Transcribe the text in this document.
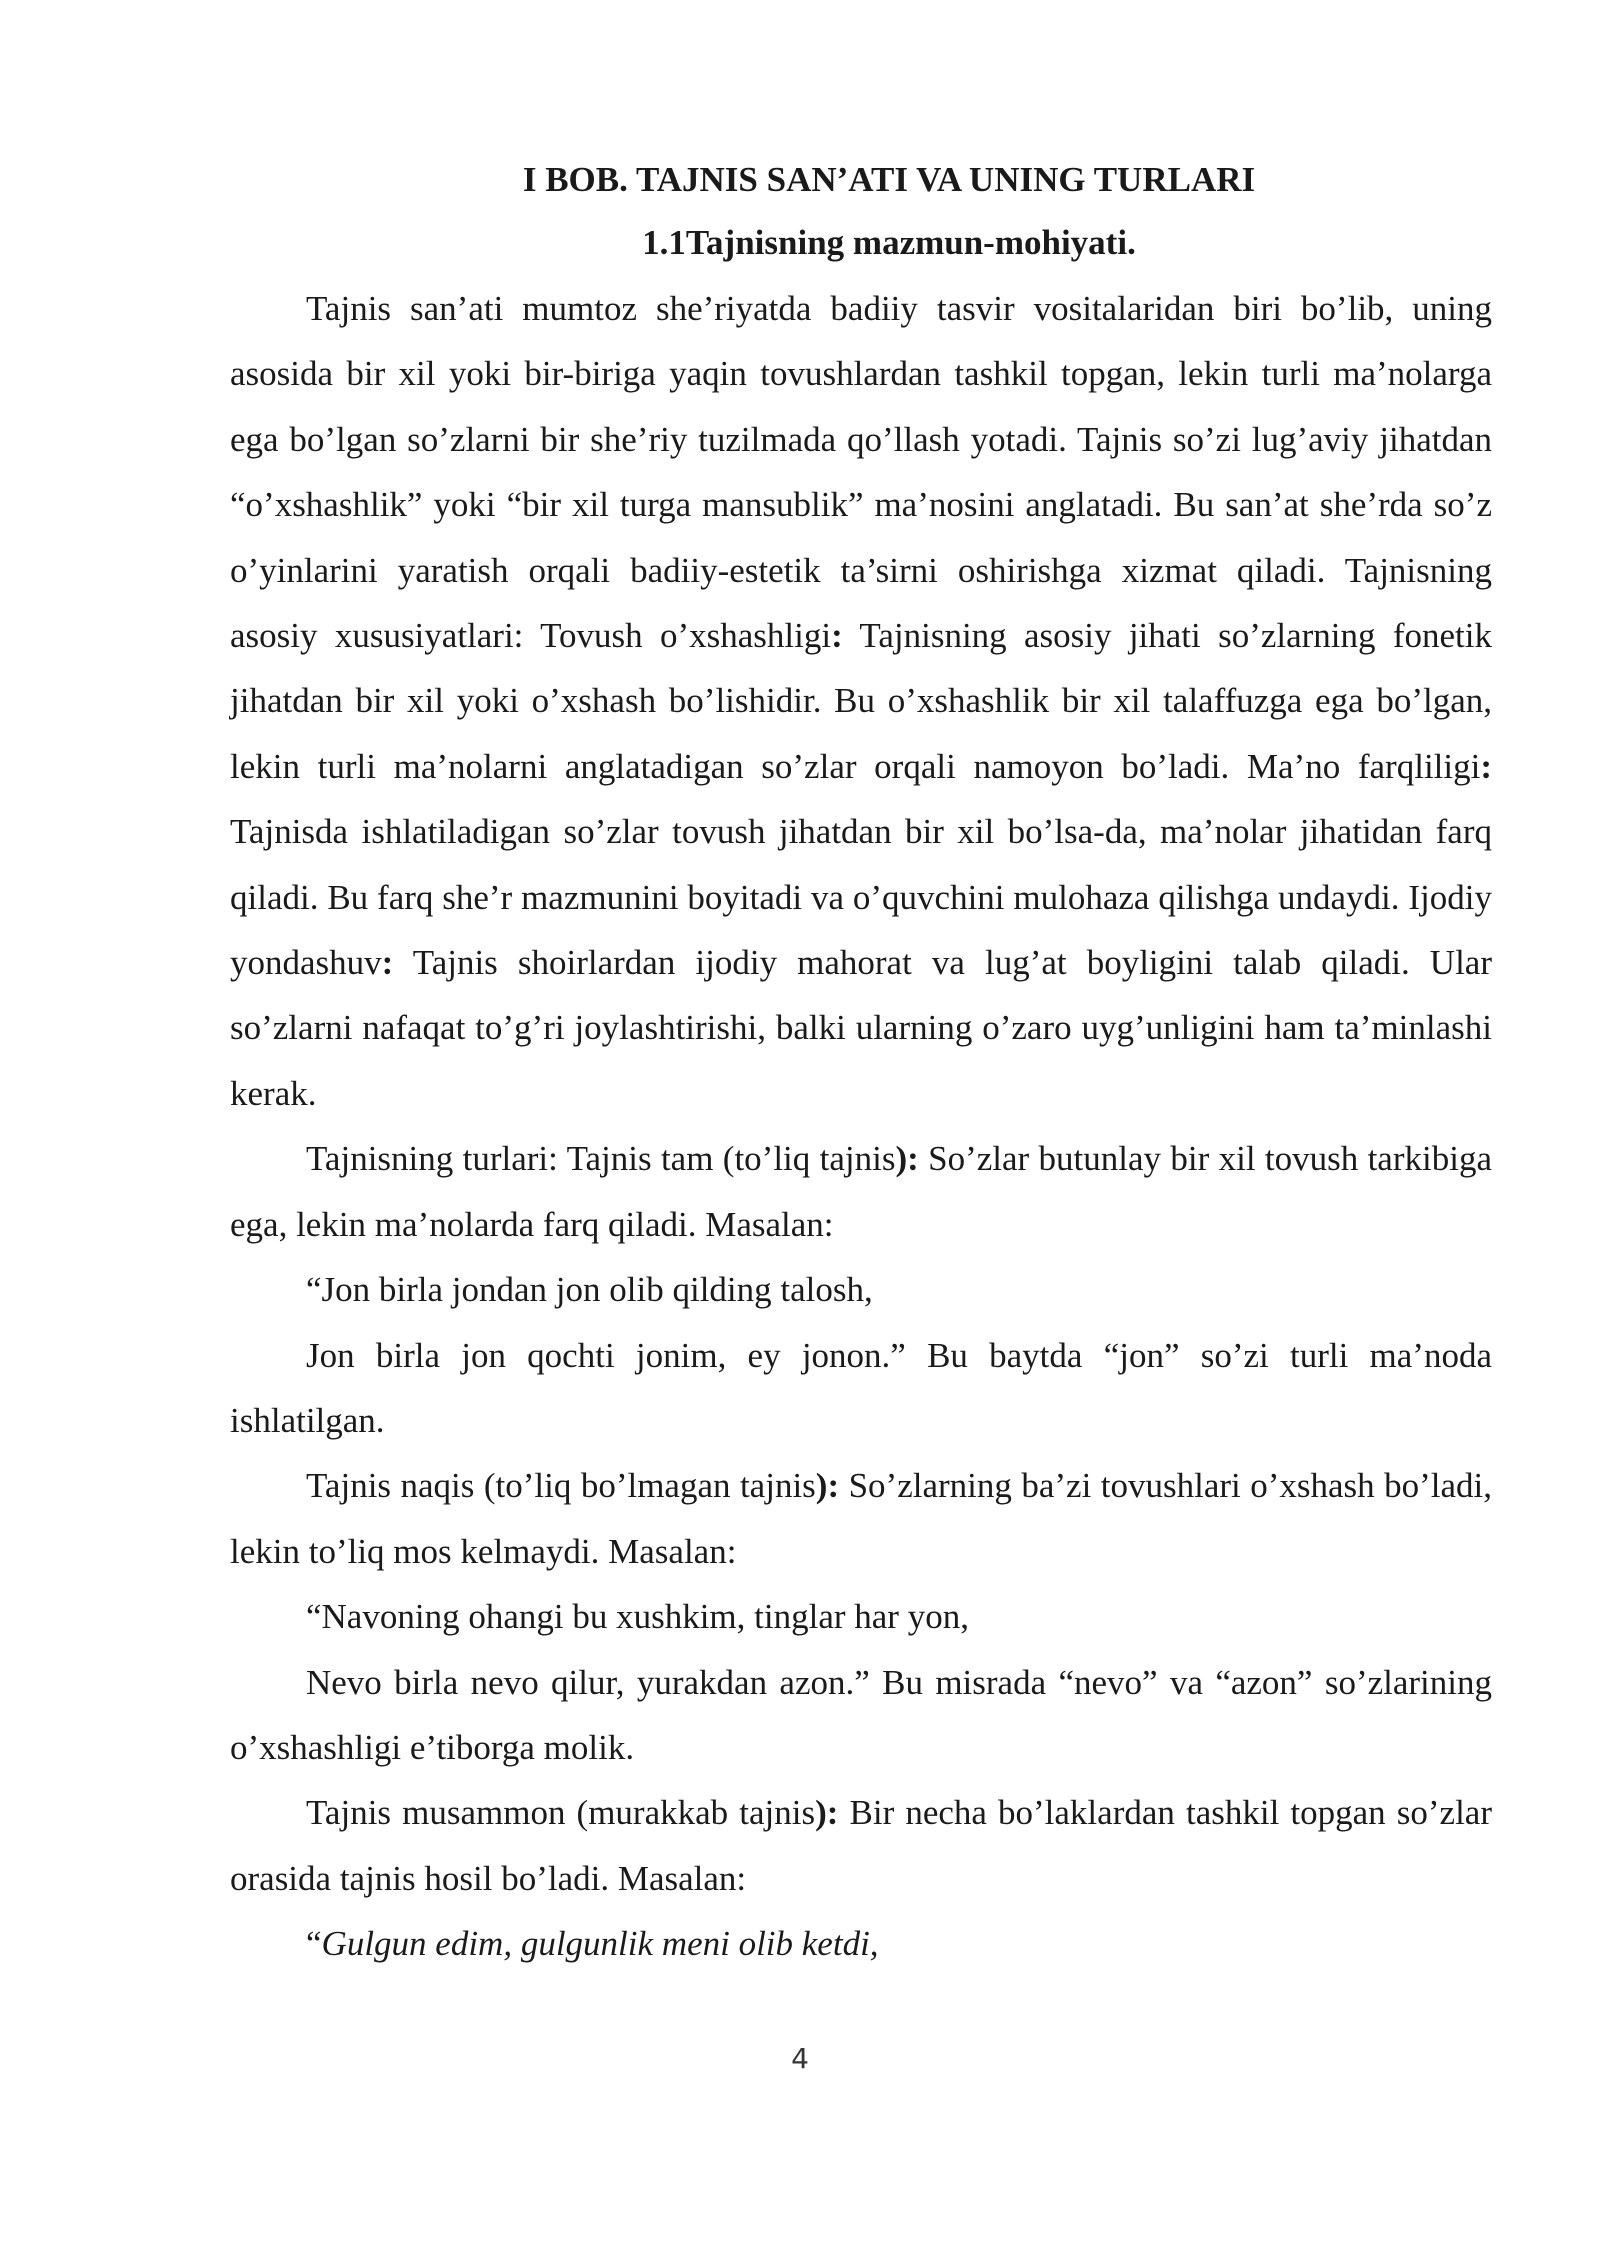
I BOB. TAJNIS SAN’ATI VA UNING TURLARI
1.1Tajnisning mazmun-mohiyati.

Tajnis san’ati mumtoz she’riyatda badiiy tasvir vositalaridan biri bo’lib, uning asosida bir xil yoki bir-biriga yaqin tovushlardan tashkil topgan, lekin turli ma’nolarga ega bo’lgan so’zlarni bir she’riy tuzilmada qo’llash yotadi. Tajnis so’zi lug’aviy jihatdan “o’xshashlik” yoki “bir xil turga mansublik” ma’nosini anglatadi. Bu san’at she’rda so’z o’yinlarini yaratish orqali badiiy-estetik ta’sirni oshirishga xizmat qiladi. Tajnisning asosiy xususiyatlari: Tovush o’xshashligi: Tajnisning asosiy jihati so’zlarning fonetik jihatdan bir xil yoki o’xshash bo’lishidir. Bu o’xshashlik bir xil talaffuzga ega bo’lgan, lekin turli ma’nolarni anglatadigan so’zlar orqali namoyon bo’ladi. Ma’no farqliligi: Tajnisda ishlatiladigan so’zlar tovush jihatdan bir xil bo’lsa-da, ma’nolar jihatidan farq qiladi. Bu farq she’r mazmunini boyitadi va o’quvchini mulohaza qilishga undaydi. Ijodiy yondashuv: Tajnis shoirlardan ijodiy mahorat va lug’at boyligini talab qiladi. Ular so’zlarni nafaqat to’g’ri joylashtirishi, balki ularning o’zaro uyg’unligini ham ta’minlashi kerak.

Tajnisning turlari: Tajnis tam (to’liq tajnis): So’zlar butunlay bir xil tovush tarkibiga ega, lekin ma’nolarda farq qiladi. Masalan:

“Jon birla jondan jon olib qilding talosh,

Jon birla jon qochti jonim, ey jonon.” Bu baytda “jon” so’zi turli ma’noda ishlatilgan.

Tajnis naqis (to’liq bo’lmagan tajnis): So’zlarning ba’zi tovushlari o’xshash bo’ladi, lekin to’liq mos kelmaydi. Masalan:

“Navoning ohangi bu xushkim, tinglar har yon,

Nevo birla nevo qilur, yurakdan azon.” Bu misrada “nevo” va “azon” so’zlarining o’xshashligi e’tiborga molik.

Tajnis musammon (murakkab tajnis): Bir necha bo’laklardan tashkil topgan so’zlar orasida tajnis hosil bo’ladi. Masalan:

“Gulgun edim, gulgunlik meni olib ketdi,

4
